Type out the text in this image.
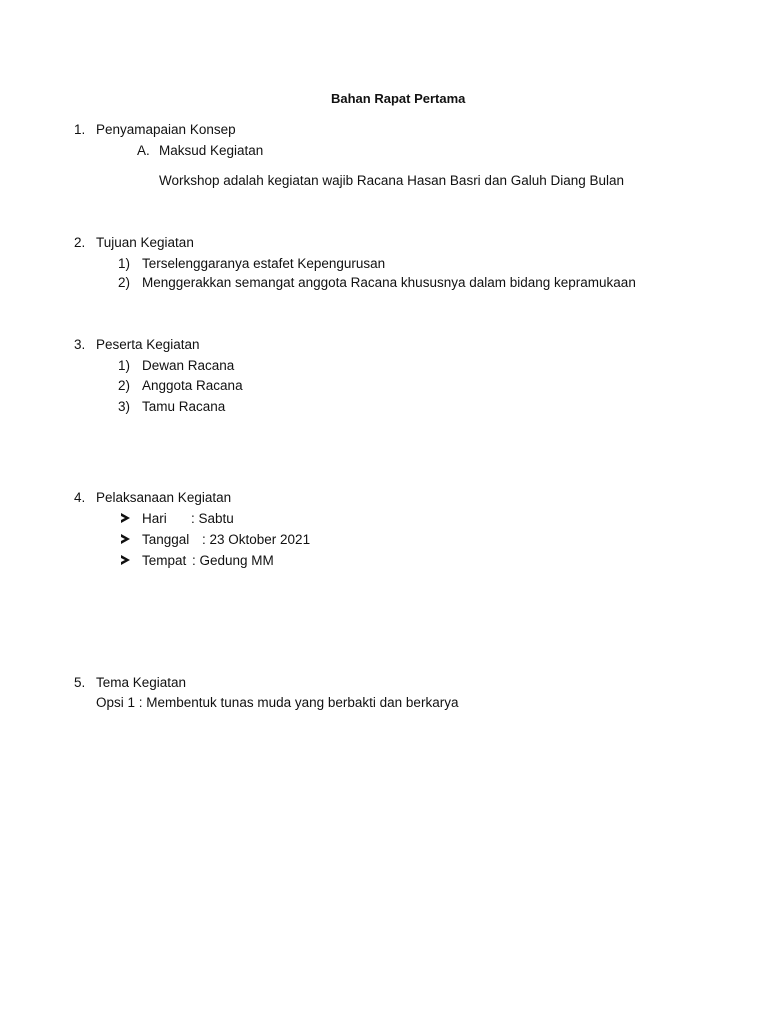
Bahan Rapat Pertama
1. Penyamapaian Konsep
A. Maksud Kegiatan
Workshop adalah kegiatan wajib Racana Hasan Basri dan Galuh Diang Bulan
2. Tujuan Kegiatan
1) Terselenggaranya estafet Kepengurusan
2) Menggerakkan semangat anggota Racana khususnya dalam bidang kepramukaan
3. Peserta Kegiatan
1) Dewan Racana
2) Anggota Racana
3) Tamu Racana
4. Pelaksanaan Kegiatan
Hari : Sabtu
Tanggal : 23 Oktober 2021
Tempat : Gedung MM
5. Tema Kegiatan
Opsi 1 : Membentuk tunas muda yang berbakti dan berkarya
